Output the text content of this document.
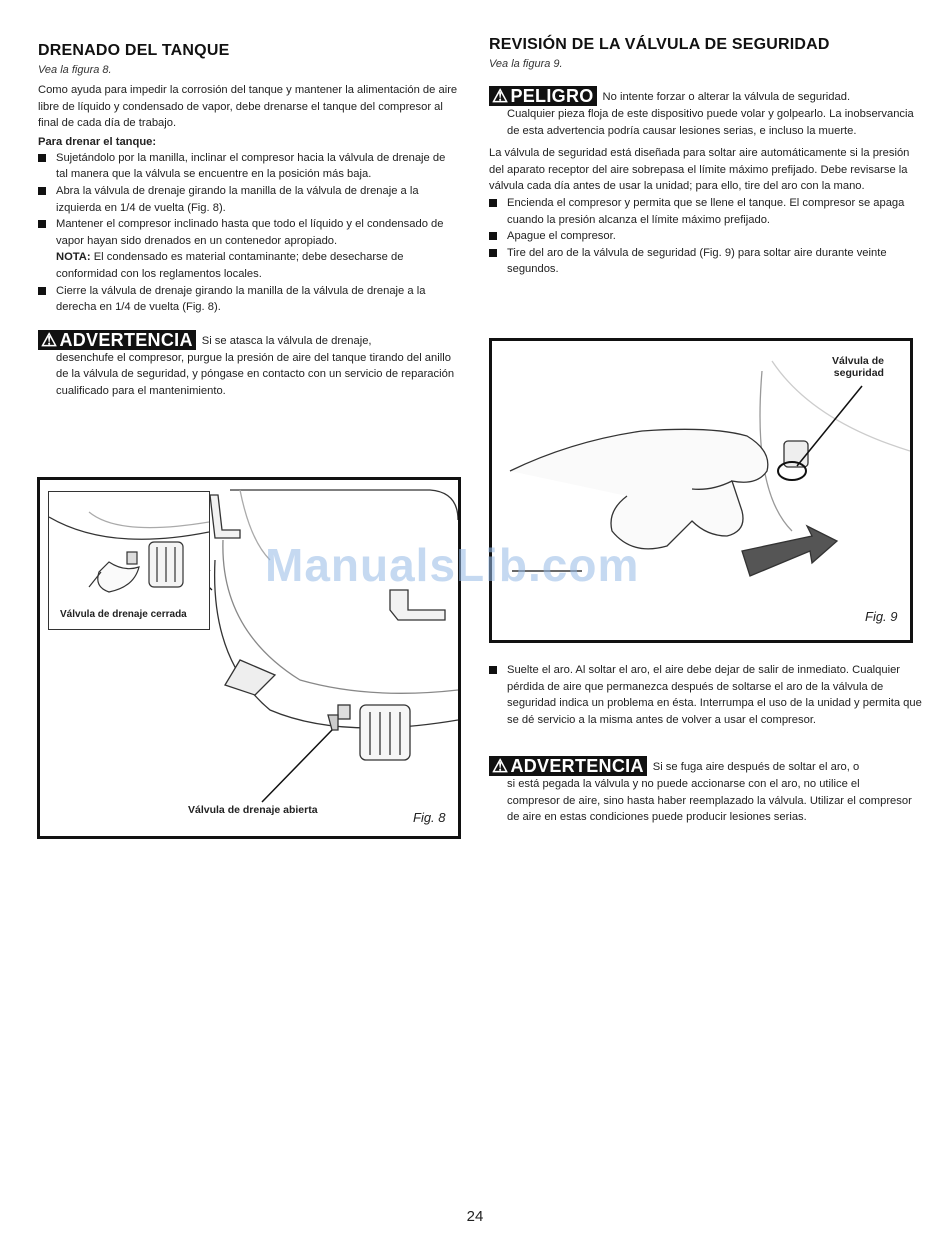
DRENADO DEL TANQUE
Vea la figura 8.

Como ayuda para impedir la corrosión del tanque y mantener la alimentación de aire libre de líquido y condensado de vapor, debe drenarse el tanque del compresor al final de cada día de trabajo.

Para drenar el tanque:
Sujetándolo por la manilla, inclinar el compresor hacia la válvula de drenaje de tal manera que la válvula se encuentre en la posición más baja.
Abra la válvula de drenaje girando la manilla de la válvula de drenaje a la izquierda en 1/4 de vuelta (Fig. 8).
Mantener el compresor inclinado hasta que todo el líquido y el condensado de vapor hayan sido drenados en un contenedor apropiado.
NOTA: El condensado es material contaminante; debe desecharse de conformidad con los reglamentos locales.
Cierre la válvula de drenaje girando la manilla de la válvula de drenaje a la derecha en 1/4 de vuelta (Fig. 8).
⚠ ADVERTENCIA Si se atasca la válvula de drenaje,
desenchufe el compresor, purgue la presión de aire del tanque tirando del anillo de la válvula de seguridad, y póngase en contacto con un servicio de reparación cualificado para el mantenimiento.
Válvula de drenaje cerrada
Válvula de drenaje abierta	Fig. 8
REVISIÓN DE LA VÁLVULA DE SEGURIDAD
Vea la figura 9.
⚠ PELIGRO No intente forzar o alterar la válvula de seguridad.
Cualquier pieza floja de este dispositivo puede volar y golpearlo. La inobservancia de esta advertencia podría causar lesiones serias, e incluso la muerte.

La válvula de seguridad está diseñada para soltar aire automáticamente si la presión del aparato receptor del aire sobrepasa el límite máximo prefijado. Debe revisarse la válvula cada día antes de usar la unidad; para ello, tire del aro con la mano.

Encienda el compresor y permita que se llene el tanque. El compresor se apaga cuando la presión alcanza el límite máximo prefijado.
Apague el compresor.
Tire del aro de la válvula de seguridad (Fig. 9) para soltar aire durante veinte segundos.
Suelte el aro. Al soltar el aro, el aire debe dejar de salir de inmediato. Cualquier pérdida de aire que permanezca después de soltarse el aro de la válvula de seguridad indica un problema en ésta. Interrumpa el uso de la unidad y permita que se dé servicio a la misma antes de volver a usar el compresor.
⚠ ADVERTENCIA Si se fuga aire después de soltar el aro, o
si está pegada la válvula y no puede accionarse con el aro, no utilice el compresor de aire, sino hasta haber reemplazado la válvula. Utilizar el compresor de aire en estas condiciones puede producir lesiones serias.
Válvula de
seguridad
Fig. 9
ManualsLib.com
24
